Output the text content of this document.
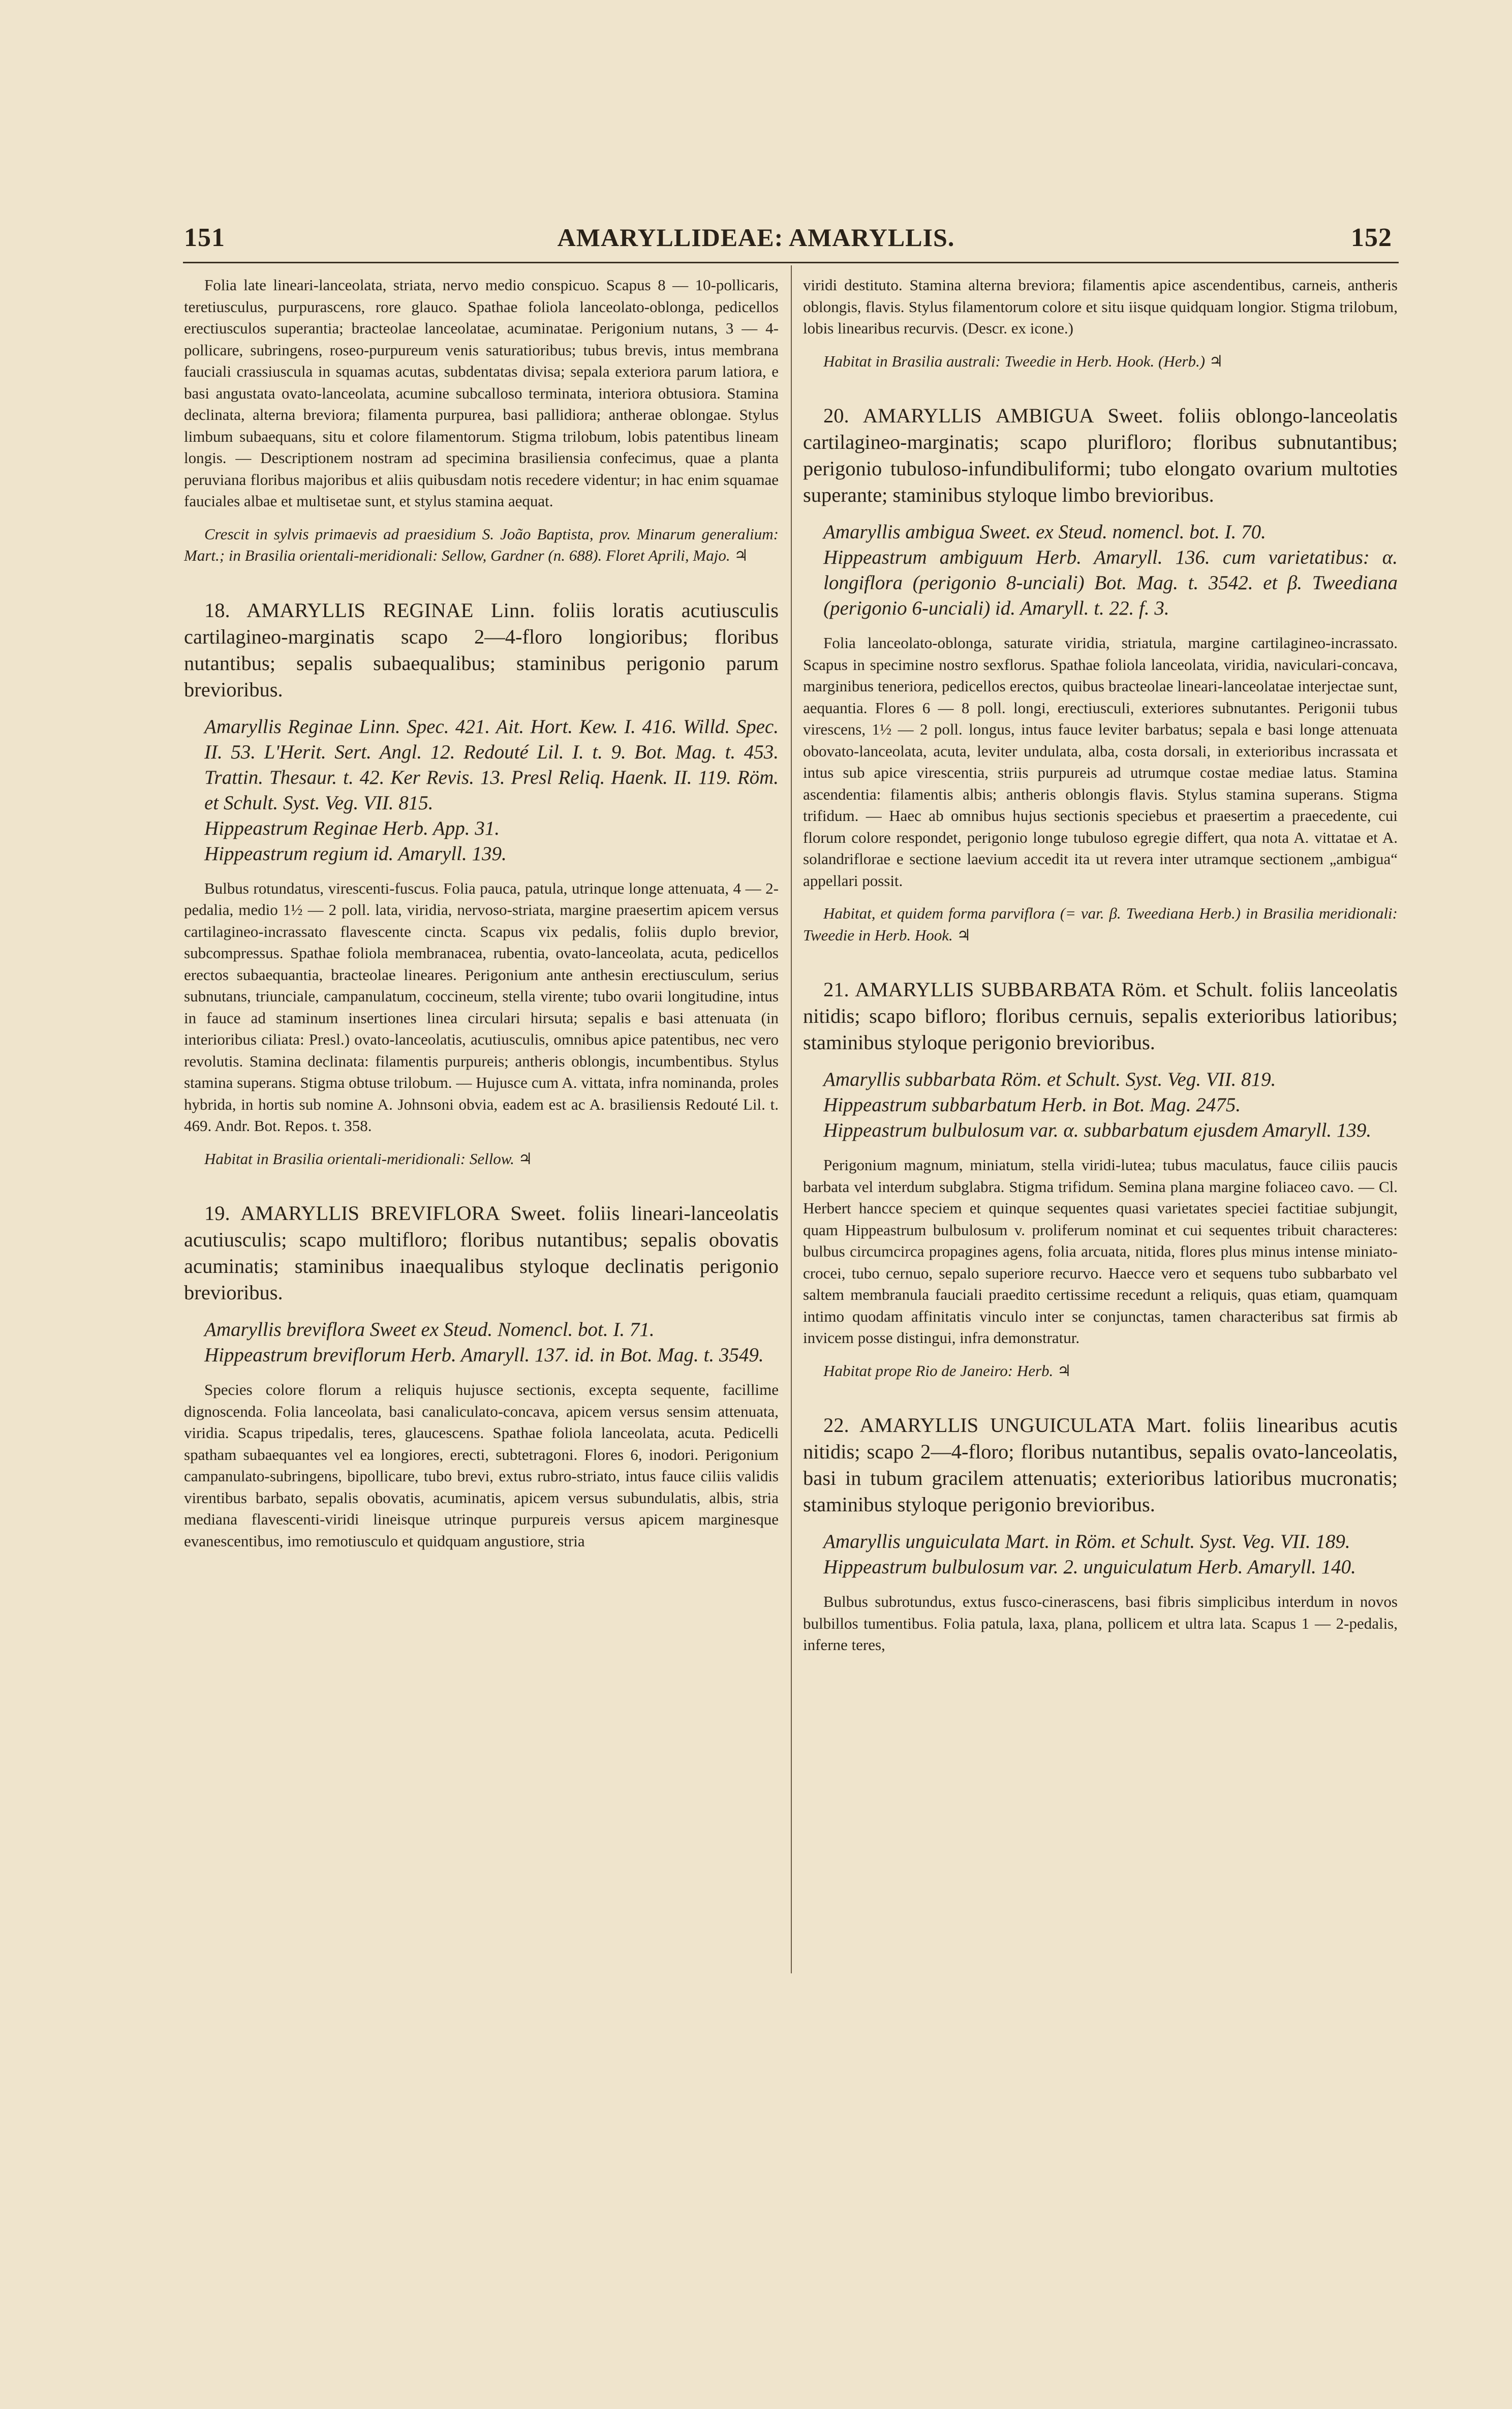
151	AMARYLLIDEAE: AMARYLLIS.	152

Folia late lineari-lanceolata, striata, nervo medio conspicuo. Scapus 8 — 10-pollicaris, teretiusculus, purpurascens, rore glauco. Spathae foliola lanceolato-oblonga, pedicellos erectiusculos superantia; bracteolae lanceolatae, acuminatae. Perigonium nutans, 3 — 4-pollicare, subringens, roseo-purpureum venis saturatioribus; tubus brevis, intus membrana fauciali crassiuscula in squamas acutas, subdentatas divisa; sepala exteriora parum latiora, e basi angustata ovato-lanceolata, acumine subcalloso terminata, interiora obtusiora. Stamina declinata, alterna breviora; filamenta purpurea, basi pallidiora; antherae oblongae. Stylus limbum subaequans, situ et colore filamentorum. Stigma trilobum, lobis patentibus lineam longis. — Descriptionem nostram ad specimina brasiliensia confecimus, quae a planta peruviana floribus majoribus et aliis quibusdam notis recedere videntur; in hac enim squamae fauciales albae et multisetae sunt, et stylus stamina aequat.

Crescit in sylvis primaevis ad praesidium S. João Baptista, prov. Minarum generalium: Mart.; in Brasilia orientali-meridionali: Sellow, Gardner (n. 688). Floret Aprili, Majo. ♃

18. AMARYLLIS REGINAE Linn. foliis loratis acutiusculis cartilagineo-marginatis scapo 2—4-floro longioribus; floribus nutantibus; sepalis subaequalibus; staminibus perigonio parum brevioribus.

Amaryllis Reginae Linn. Spec. 421. Ait. Hort. Kew. I. 416. Willd. Spec. II. 53. L'Herit. Sert. Angl. 12. Redouté Lil. I. t. 9. Bot. Mag. t. 453. Trattin. Thesaur. t. 42. Ker Revis. 13. Presl Reliq. Haenk. II. 119. Röm. et Schult. Syst. Veg. VII. 815.

Hippeastrum Reginae Herb. App. 31.

Hippeastrum regium id. Amaryll. 139.

Bulbus rotundatus, virescenti-fuscus. Folia pauca, patula, utrinque longe attenuata, 4 — 2-pedalia, medio 1½ — 2 poll. lata, viridia, nervoso-striata, margine praesertim apicem versus cartilagineo-incrassato flavescente cincta. Scapus vix pedalis, foliis duplo brevior, subcompressus. Spathae foliola membranacea, rubentia, ovato-lanceolata, acuta, pedicellos erectos subaequantia, bracteolae lineares. Perigonium ante anthesin erectiusculum, serius subnutans, triunciale, campanulatum, coccineum, stella virente; tubo ovarii longitudine, intus in fauce ad staminum insertiones linea circulari hirsuta; sepalis e basi attenuata (in interioribus ciliata: Presl.) ovato-lanceolatis, acutiusculis, omnibus apice patentibus, nec vero revolutis. Stamina declinata: filamentis purpureis; antheris oblongis, incumbentibus. Stylus stamina superans. Stigma obtuse trilobum. — Hujusce cum A. vittata, infra nominanda, proles hybrida, in hortis sub nomine A. Johnsoni obvia, eadem est ac A. brasiliensis Redouté Lil. t. 469. Andr. Bot. Repos. t. 358.

Habitat in Brasilia orientali-meridionali: Sellow. ♃

19. AMARYLLIS BREVIFLORA Sweet. foliis lineari-lanceolatis acutiusculis; scapo multifloro; floribus nutantibus; sepalis obovatis acuminatis; staminibus inaequalibus styloque declinatis perigonio brevioribus.

Amaryllis breviflora Sweet ex Steud. Nomencl. bot. I. 71.

Hippeastrum breviflorum Herb. Amaryll. 137. id. in Bot. Mag. t. 3549.

Species colore florum a reliquis hujusce sectionis, excepta sequente, facillime dignoscenda. Folia lanceolata, basi canaliculato-concava, apicem versus sensim attenuata, viridia. Scapus tripedalis, teres, glaucescens. Spathae foliola lanceolata, acuta. Pedicelli spatham subaequantes vel ea longiores, erecti, subtetragoni. Flores 6, inodori. Perigonium campanulato-subringens, bipollicare, tubo brevi, extus rubro-striato, intus fauce ciliis validis virentibus barbato, sepalis obovatis, acuminatis, apicem versus subundulatis, albis, stria mediana flavescenti-viridi lineisque utrinque purpureis versus apicem marginesque evanescentibus, imo remotiusculo et quidquam angustiore, stria

viridi destituto. Stamina alterna breviora; filamentis apice ascendentibus, carneis, antheris oblongis, flavis. Stylus filamentorum colore et situ iisque quidquam longior. Stigma trilobum, lobis linearibus recurvis. (Descr. ex icone.)

Habitat in Brasilia australi: Tweedie in Herb. Hook. (Herb.) ♃

20. AMARYLLIS AMBIGUA Sweet. foliis oblongo-lanceolatis cartilagineo-marginatis; scapo plurifloro; floribus subnutantibus; perigonio tubuloso-infundibuliformi; tubo elongato ovarium multoties superante; staminibus styloque limbo brevioribus.

Amaryllis ambigua Sweet. ex Steud. nomencl. bot. I. 70.

Hippeastrum ambiguum Herb. Amaryll. 136. cum varietatibus: α. longiflora (perigonio 8-unciali) Bot. Mag. t. 3542. et β. Tweediana (perigonio 6-unciali) id. Amaryll. t. 22. f. 3.

Folia lanceolato-oblonga, saturate viridia, striatula, margine cartilagineo-incrassato. Scapus in specimine nostro sexflorus. Spathae foliola lanceolata, viridia, naviculari-concava, marginibus teneriora, pedicellos erectos, quibus bracteolae lineari-lanceolatae interjectae sunt, aequantia. Flores 6 — 8 poll. longi, erectiusculi, exteriores subnutantes. Perigonii tubus virescens, 1½ — 2 poll. longus, intus fauce leviter barbatus; sepala e basi longe attenuata obovato-lanceolata, acuta, leviter undulata, alba, costa dorsali, in exterioribus incrassata et intus sub apice virescentia, striis purpureis ad utrumque costae mediae latus. Stamina ascendentia: filamentis albis; antheris oblongis flavis. Stylus stamina superans. Stigma trifidum. — Haec ab omnibus hujus sectionis speciebus et praesertim a praecedente, cui florum colore respondet, perigonio longe tubuloso egregie differt, qua nota A. vittatae et A. solandriflorae e sectione laevium accedit ita ut revera inter utramque sectionem „ambigua“ appellari possit.

Habitat, et quidem forma parviflora (= var. β. Tweediana Herb.) in Brasilia meridionali: Tweedie in Herb. Hook. ♃

21. AMARYLLIS SUBBARBATA Röm. et Schult. foliis lanceolatis nitidis; scapo bifloro; floribus cernuis, sepalis exterioribus latioribus; staminibus styloque perigonio brevioribus.

Amaryllis subbarbata Röm. et Schult. Syst. Veg. VII. 819.

Hippeastrum subbarbatum Herb. in Bot. Mag. 2475.

Hippeastrum bulbulosum var. α. subbarbatum ejusdem Amaryll. 139.

Perigonium magnum, miniatum, stella viridi-lutea; tubus maculatus, fauce ciliis paucis barbata vel interdum subglabra. Stigma trifidum. Semina plana margine foliaceo cavo. — Cl. Herbert hancce speciem et quinque sequentes quasi varietates speciei factitiae subjungit, quam Hippeastrum bulbulosum v. proliferum nominat et cui sequentes tribuit characteres: bulbus circumcirca propagines agens, folia arcuata, nitida, flores plus minus intense miniato-crocei, tubo cernuo, sepalo superiore recurvo. Haecce vero et sequens tubo subbarbato vel saltem membranula fauciali praedito certissime recedunt a reliquis, quas etiam, quamquam intimo quodam affinitatis vinculo inter se conjunctas, tamen characteribus sat firmis ab invicem posse distingui, infra demonstratur.

Habitat prope Rio de Janeiro: Herb. ♃

22. AMARYLLIS UNGUICULATA Mart. foliis linearibus acutis nitidis; scapo 2—4-floro; floribus nutantibus, sepalis ovato-lanceolatis, basi in tubum gracilem attenuatis; exterioribus latioribus mucronatis; staminibus styloque perigonio brevioribus.

Amaryllis unguiculata Mart. in Röm. et Schult. Syst. Veg. VII. 189.

Hippeastrum bulbulosum var. 2. unguiculatum Herb. Amaryll. 140.

Bulbus subrotundus, extus fusco-cinerascens, basi fibris simplicibus interdum in novos bulbillos tumentibus. Folia patula, laxa, plana, pollicem et ultra lata. Scapus 1 — 2-pedalis, inferne teres,
